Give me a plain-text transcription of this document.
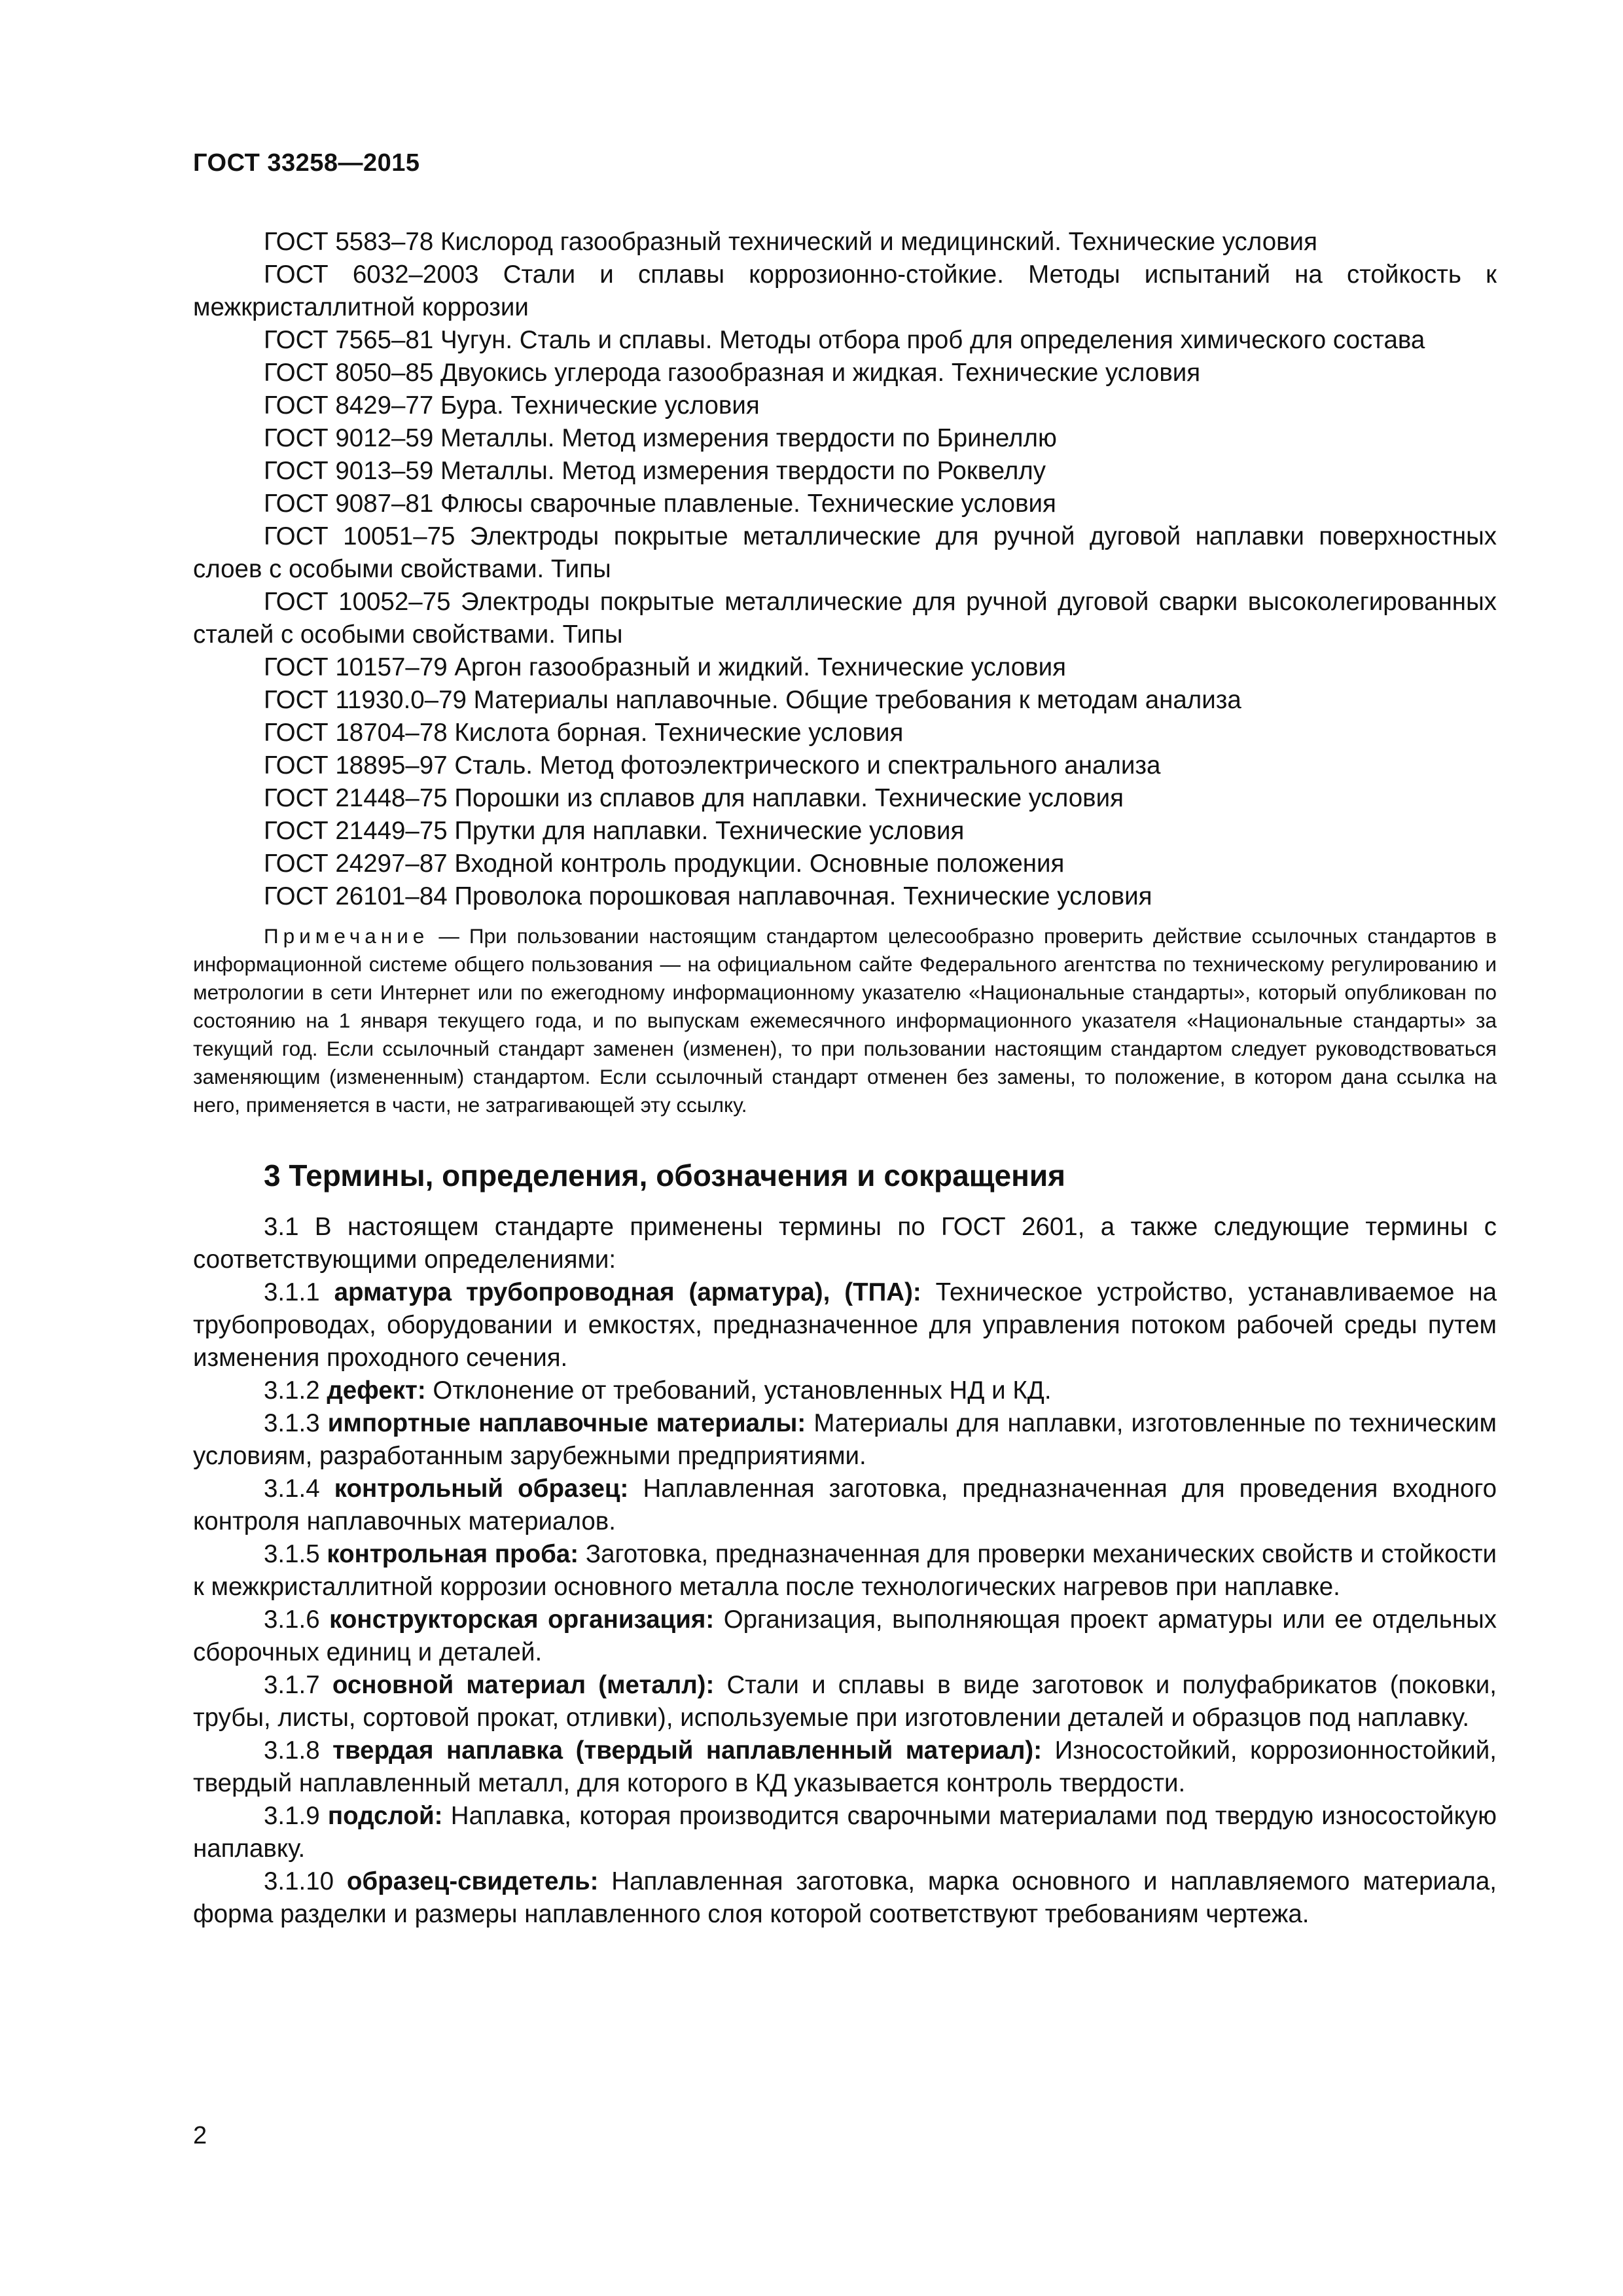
ГОСТ 33258—2015

ГОСТ 5583–78 Кислород газообразный технический и медицинский. Технические условия

ГОСТ 6032–2003 Стали и сплавы коррозионно-стойкие. Методы испытаний на стойкость к межкристаллитной коррозии

ГОСТ 7565–81 Чугун. Сталь и сплавы. Методы отбора проб для определения химического состава

ГОСТ 8050–85 Двуокись углерода газообразная и жидкая. Технические условия

ГОСТ 8429–77 Бура. Технические условия

ГОСТ 9012–59 Металлы. Метод измерения твердости по Бринеллю

ГОСТ 9013–59 Металлы. Метод измерения твердости по Роквеллу

ГОСТ 9087–81 Флюсы сварочные плавленые. Технические условия

ГОСТ 10051–75 Электроды покрытые металлические для ручной дуговой наплавки поверхностных слоев с особыми свойствами. Типы

ГОСТ 10052–75 Электроды покрытые металлические для ручной дуговой сварки высоколегированных сталей с особыми свойствами. Типы

ГОСТ 10157–79 Аргон газообразный и жидкий. Технические условия

ГОСТ 11930.0–79 Материалы наплавочные. Общие требования к методам анализа

ГОСТ 18704–78 Кислота борная. Технические условия

ГОСТ 18895–97 Сталь. Метод фотоэлектрического и спектрального анализа

ГОСТ 21448–75 Порошки из сплавов для наплавки. Технические условия

ГОСТ 21449–75 Прутки для наплавки. Технические условия

ГОСТ 24297–87 Входной контроль продукции. Основные положения

ГОСТ 26101–84 Проволока порошковая наплавочная. Технические условия

Примечание — При пользовании настоящим стандартом целесообразно проверить действие ссылочных стандартов в информационной системе общего пользования — на официальном сайте Федерального агентства по техническому регулированию и метрологии в сети Интернет или по ежегодному информационному указателю «Национальные стандарты», который опубликован по состоянию на 1 января текущего года, и по выпускам ежемесячного информационного указателя «Национальные стандарты» за текущий год. Если ссылочный стандарт заменен (изменен), то при пользовании настоящим стандартом следует руководствоваться заменяющим (измененным) стандартом. Если ссылочный стандарт отменен без замены, то положение, в котором дана ссылка на него, применяется в части, не затрагивающей эту ссылку.

3 Термины, определения, обозначения и сокращения

3.1 В настоящем стандарте применены термины по ГОСТ 2601, а также следующие термины с соответствующими определениями:

3.1.1 арматура трубопроводная (арматура), (ТПА): Техническое устройство, устанавливаемое на трубопроводах, оборудовании и емкостях, предназначенное для управления потоком рабочей среды путем изменения проходного сечения.

3.1.2 дефект: Отклонение от требований, установленных НД и КД.

3.1.3 импортные наплавочные материалы: Материалы для наплавки, изготовленные по техническим условиям, разработанным зарубежными предприятиями.

3.1.4 контрольный образец: Наплавленная заготовка, предназначенная для проведения входного контроля наплавочных материалов.

3.1.5 контрольная проба: Заготовка, предназначенная для проверки механических свойств и стойкости к межкристаллитной коррозии основного металла после технологических нагревов при наплавке.

3.1.6 конструкторская организация: Организация, выполняющая проект арматуры или ее отдельных сборочных единиц и деталей.

3.1.7 основной материал (металл): Стали и сплавы в виде заготовок и полуфабрикатов (поковки, трубы, листы, сортовой прокат, отливки), используемые при изготовлении деталей и образцов под наплавку.

3.1.8 твердая наплавка (твердый наплавленный материал): Износостойкий, коррозионностойкий, твердый наплавленный металл, для которого в КД указывается контроль твердости.

3.1.9 подслой: Наплавка, которая производится сварочными материалами под твердую износостойкую наплавку.

3.1.10 образец-свидетель: Наплавленная заготовка, марка основного и наплавляемого материала, форма разделки и размеры наплавленного слоя которой соответствуют требованиям чертежа.

2
